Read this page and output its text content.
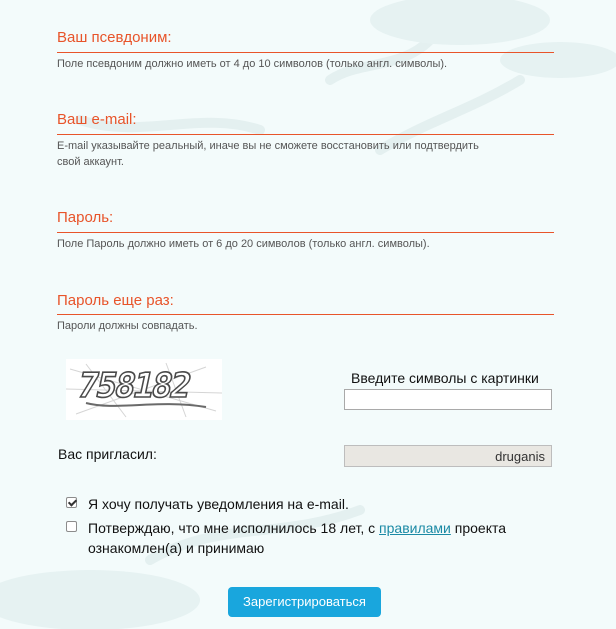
Ваш псевдоним:
Поле псевдоним должно иметь от 4 до 10 символов (только англ. символы).
Ваш e-mail:
E-mail указывайте реальный, иначе вы не сможете восстановить или подтвердить
свой аккаунт.
Пароль:
Поле Пароль должно иметь от 6 до 20 символов (только англ. символы).
Пароль еще раз:
Пароли должны совпадать.
758182	Введите символы с картинки
Вас пригласил:	druganis
Я хочу получать уведомления на e-mail.
Потверждаю, что мне исполнилось 18 лет, с правилами проекта
ознакомлен(а) и принимаю
Зарегистрироваться
